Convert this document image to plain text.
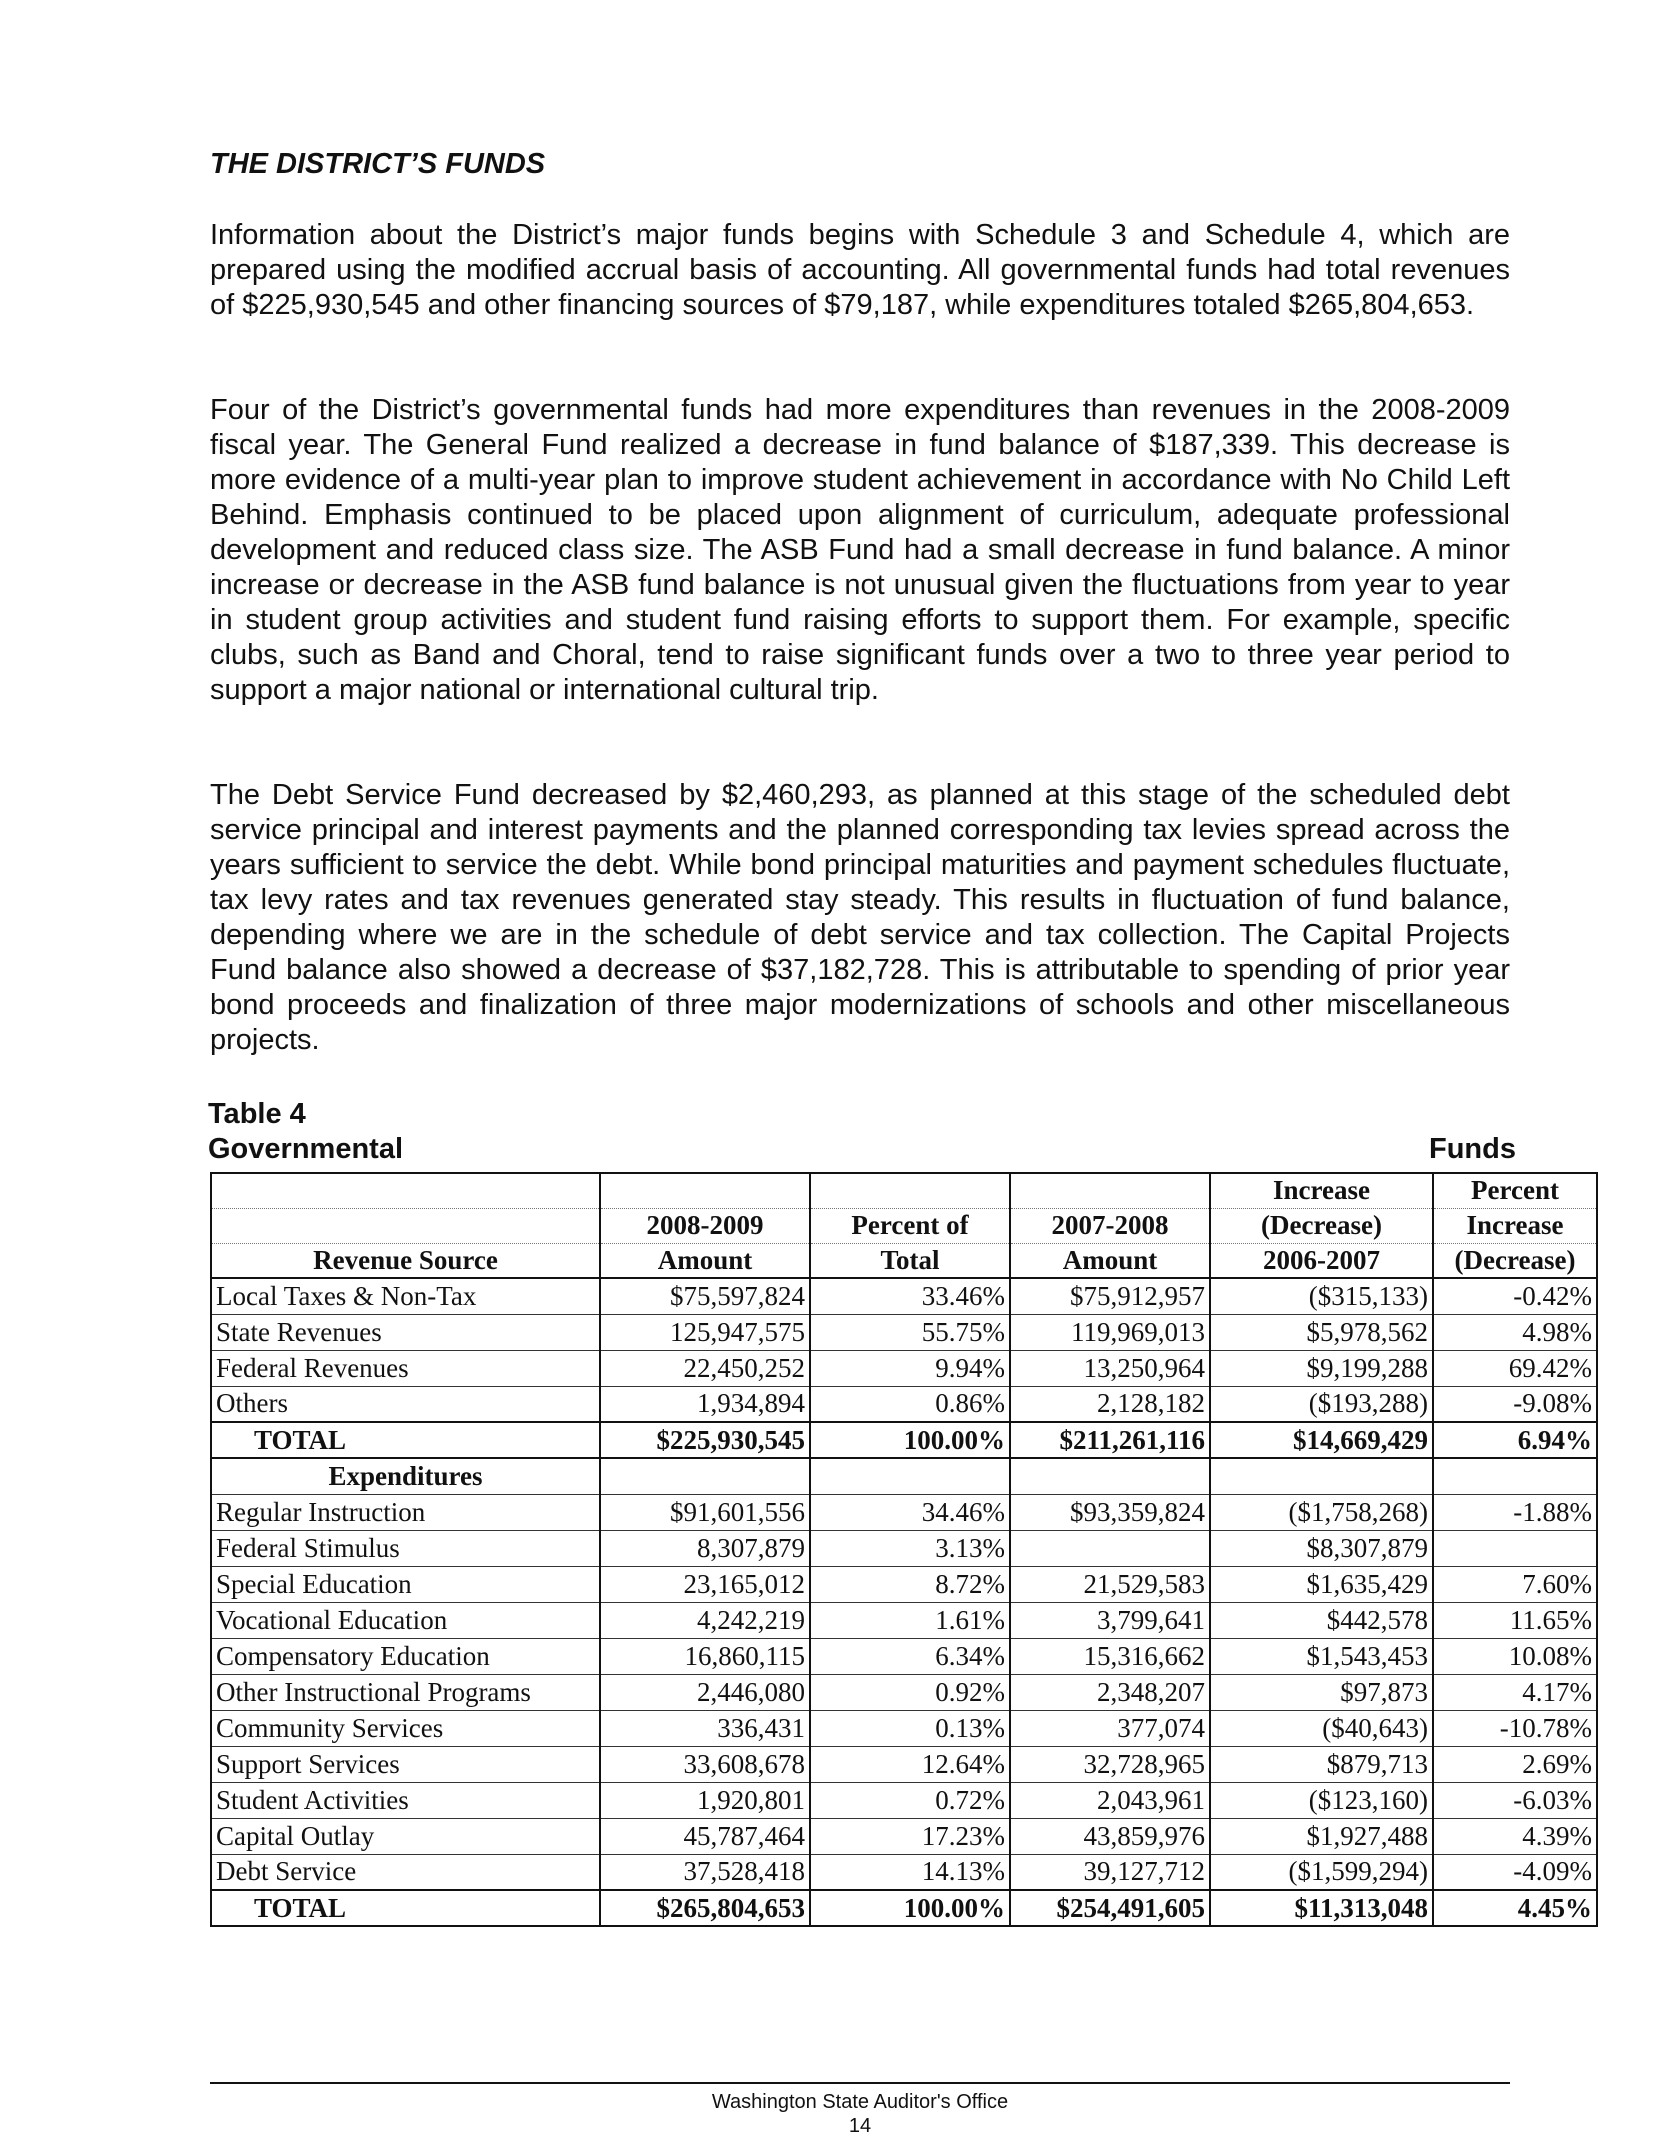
THE DISTRICT’S FUNDS

Information about the District’s major funds begins with Schedule 3 and Schedule 4, which are prepared using the modified accrual basis of accounting. All governmental funds had total revenues of $225,930,545 and other financing sources of $79,187, while expenditures totaled $265,804,653.

Four of the District’s governmental funds had more expenditures than revenues in the 2008-2009 fiscal year. The General Fund realized a decrease in fund balance of $187,339. This decrease is more evidence of a multi-year plan to improve student achievement in accordance with No Child Left Behind. Emphasis continued to be placed upon alignment of curriculum, adequate professional development and reduced class size. The ASB Fund had a small decrease in fund balance. A minor increase or decrease in the ASB fund balance is not unusual given the fluctuations from year to year in student group activities and student fund raising efforts to support them. For example, specific clubs, such as Band and Choral, tend to raise significant funds over a two to three year period to support a major national or international cultural trip.

The Debt Service Fund decreased by $2,460,293, as planned at this stage of the scheduled debt service principal and interest payments and the planned corresponding tax levies spread across the years sufficient to service the debt. While bond principal maturities and payment schedules fluctuate, tax levy rates and tax revenues generated stay steady. This results in fluctuation of fund balance, depending where we are in the schedule of debt service and tax collection. The Capital Projects Fund balance also showed a decrease of $37,182,728. This is attributable to spending of prior year bond proceeds and finalization of three major modernizations of schools and other miscellaneous projects.

Table 4
Governmental	Funds
				Increase	Percent
	2008-2009	Percent of	2007-2008	(Decrease)	Increase
Revenue Source	Amount	Total	Amount	2006-2007	(Decrease)
Local Taxes & Non-Tax	$75,597,824	33.46%	$75,912,957	($315,133)	-0.42%
State Revenues	125,947,575	55.75%	119,969,013	$5,978,562	4.98%
Federal Revenues	22,450,252	9.94%	13,250,964	$9,199,288	69.42%
Others	1,934,894	0.86%	2,128,182	($193,288)	-9.08%
TOTAL	$225,930,545	100.00%	$211,261,116	$14,669,429	6.94%
Expenditures					
Regular Instruction	$91,601,556	34.46%	$93,359,824	($1,758,268)	-1.88%
Federal Stimulus	8,307,879	3.13%		$8,307,879	
Special Education	23,165,012	8.72%	21,529,583	$1,635,429	7.60%
Vocational Education	4,242,219	1.61%	3,799,641	$442,578	11.65%
Compensatory Education	16,860,115	6.34%	15,316,662	$1,543,453	10.08%
Other Instructional Programs	2,446,080	0.92%	2,348,207	$97,873	4.17%
Community Services	336,431	0.13%	377,074	($40,643)	-10.78%
Support Services	33,608,678	12.64%	32,728,965	$879,713	2.69%
Student Activities	1,920,801	0.72%	2,043,961	($123,160)	-6.03%
Capital Outlay	45,787,464	17.23%	43,859,976	$1,927,488	4.39%
Debt Service	37,528,418	14.13%	39,127,712	($1,599,294)	-4.09%
TOTAL	$265,804,653	100.00%	$254,491,605	$11,313,048	4.45%
Washington State Auditor's Office
14
